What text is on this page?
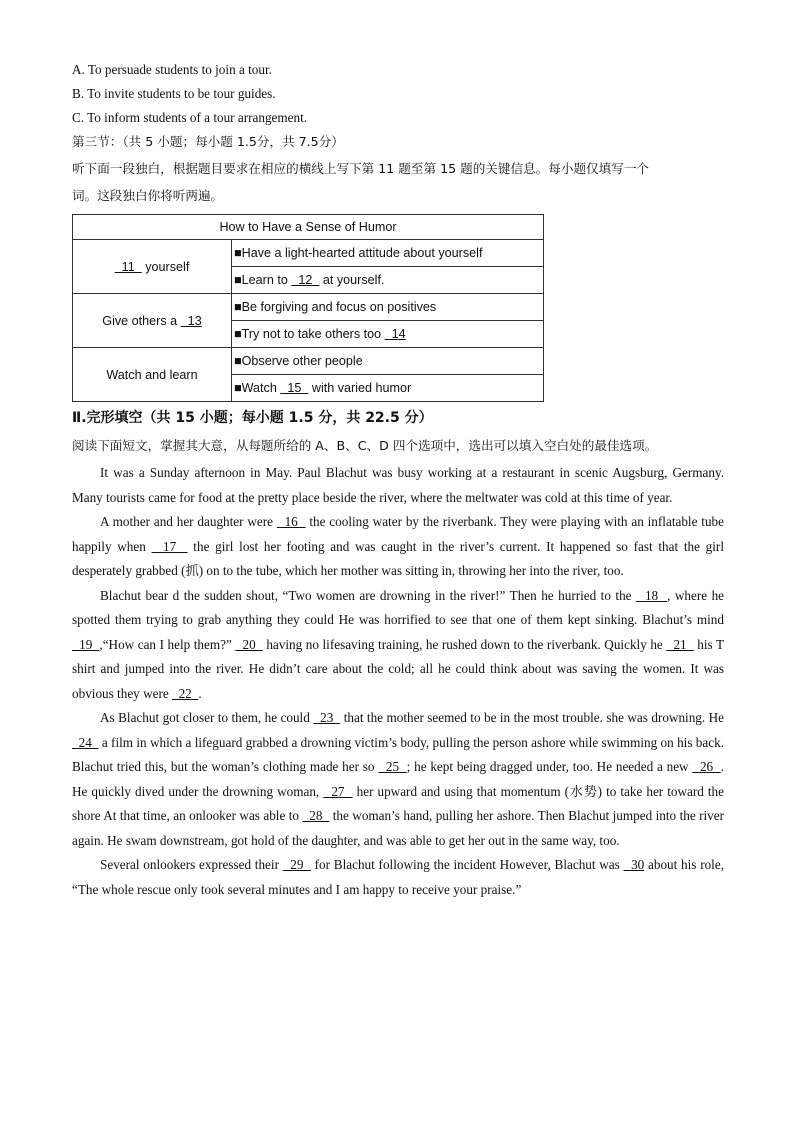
A. To persuade students to join a tour.
B. To invite students to be tour guides.
C. To inform students of a tour arrangement.
第三节：（共 5 小题；每小题 1.5分，共 7.5分）
听下面一段独白，根据题目要求在相应的横线上写下第 11 题至第 15 题的关键信息。每小题仅填写一个
词。这段独白你将听两遍。
How to Have a Sense of Humor	
11   yourself	■Have a light-hearted attitude about yourself
	■Learn to   12   at yourself.
Give others a   13	■Be forgiving and focus on positives
	■Try not to take others too   14
Watch and learn	■Observe other people
	■Watch   15   with varied humor
Ⅱ.完形填空（共 15 小题；每小题 1.5 分，共 22.5 分）
阅读下面短文，掌握其大意，从每题所给的 A、B、C、D 四个选项中，选出可以填入空白处的最佳选项。

It was a Sunday afternoon in May. Paul Blachut was busy working at a restaurant in scenic Augsburg, Germany. Many tourists came for food at the pretty place beside the river, where the meltwater was cold at this time of year.

A mother and her daughter were   16   the cooling water by the riverbank. They were playing with an inflatable tube happily when   17   the girl lost her footing and was caught in the river’s current. It happened so fast that the girl desperately grabbed (抓) on to the tube, which her mother was sitting in, throwing her into the river, too.

Blachut bear d the sudden shout, “Two women are drowning in the river!” Then he hurried to the   18  , where he spotted them trying to grab anything they could He was horrified to see that one of them kept sinking. Blachut’s mind   19  ,“How can I help them?”   20   having no lifesaving training, he rushed down to the riverbank. Quickly he   21   his T shirt and jumped into the river. He didn’t care about the cold; all he could think about was saving the women. It was obvious they were   22  .

As Blachut got closer to them, he could   23   that the mother seemed to be in the most trouble. she was drowning. He   24   a film in which a lifeguard grabbed a drowning victim’s body, pulling the person ashore while swimming on his back. Blachut tried this, but the woman’s clothing made her so   25  ; he kept being dragged under, too. He needed a new   26  . He quickly dived under the drowning woman,   27   her upward and using that momentum (水势) to take her toward the shore At that time, an onlooker was able to   28   the woman’s hand, pulling her ashore. Then Blachut jumped into the river again. He swam downstream, got hold of the daughter, and was able to get her out in the same way, too.

Several onlookers expressed their   29   for Blachut following the incident However, Blachut was   30 about his role, “The whole rescue only took several minutes and I am happy to receive your praise.”
